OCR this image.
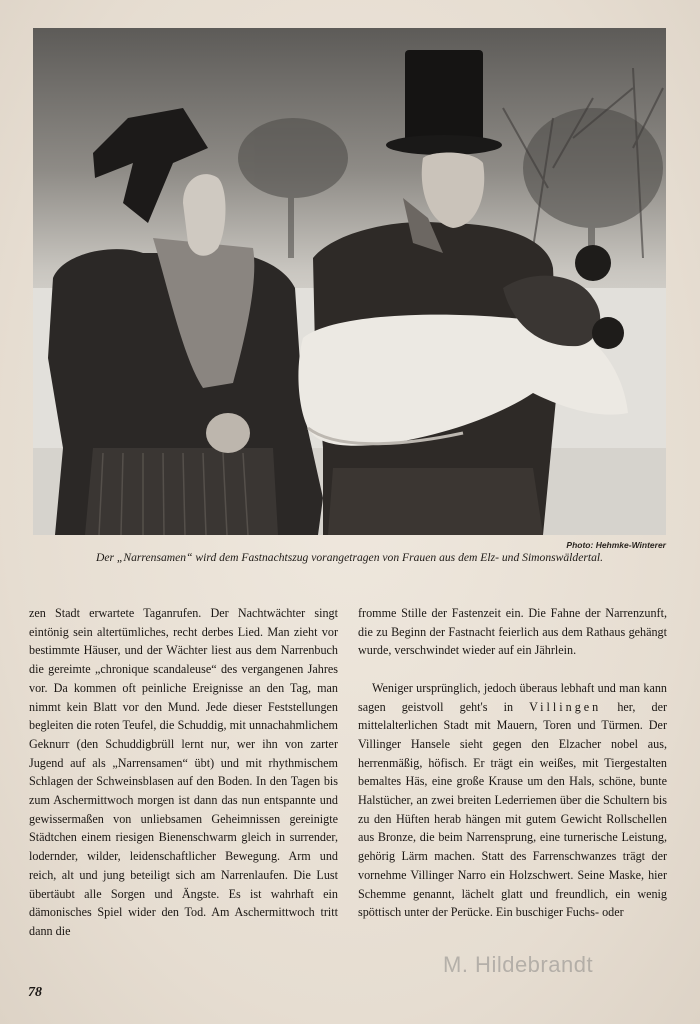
Photo: Hehmke-Winterer
Der „Narrensamen“ wird dem Fastnachtszug vorangetragen von Frauen aus dem Elz- und Simonswäldertal.

zen Stadt erwartete Taganrufen. Der Nachtwächter singt eintönig sein altertümliches, recht derbes Lied. Man zieht vor bestimmte Häuser, und der Wächter liest aus dem Narrenbuch die gereimte „chronique scandaleuse“ des vergangenen Jahres vor. Da kommen oft peinliche Ereignisse an den Tag, man nimmt kein Blatt vor den Mund. Jede dieser Feststellungen begleiten die roten Teufel, die Schuddig, mit unnachahmlichem Geknurr (den Schuddigbrüll lernt nur, wer ihn von zarter Jugend auf als „Narrensamen“ übt) und mit rhythmischem Schlagen der Schweinsblasen auf den Boden. In den Tagen bis zum Aschermittwoch morgen ist dann das nun entspannte und gewissermaßen von unliebsamen Geheimnissen gereinigte Städtchen einem riesigen Bienenschwarm gleich in surrender, lodernder, wilder, leidenschaftlicher Bewegung. Arm und reich, alt und jung beteiligt sich am Narrenlaufen. Die Lust übertäubt alle Sorgen und Ängste. Es ist wahrhaft ein dämonisches Spiel wider den Tod. Am Aschermittwoch tritt dann die

fromme Stille der Fastenzeit ein. Die Fahne der Narrenzunft, die zu Beginn der Fastnacht feierlich aus dem Rathaus gehängt wurde, verschwindet wieder auf ein Jährlein.

Weniger ursprünglich, jedoch überaus lebhaft und man kann sagen geistvoll geht's in Villingen her, der mittelalterlichen Stadt mit Mauern, Toren und Türmen. Der Villinger Hansele sieht gegen den Elzacher nobel aus, herrenmäßig, höfisch. Er trägt ein weißes, mit Tiergestalten bemaltes Häs, eine große Krause um den Hals, schöne, bunte Halstücher, an zwei breiten Lederriemen über die Schultern bis zu den Hüften herab hängen mit gutem Gewicht Rollschellen aus Bronze, die beim Narrensprung, eine turnerische Leistung, gehörig Lärm machen. Statt des Farrenschwanzes trägt der vornehme Villinger Narro ein Holzschwert. Seine Maske, hier Schemme genannt, lächelt glatt und freundlich, ein wenig spöttisch unter der Perücke. Ein buschiger Fuchs- oder

78
M. Hildebrandt
